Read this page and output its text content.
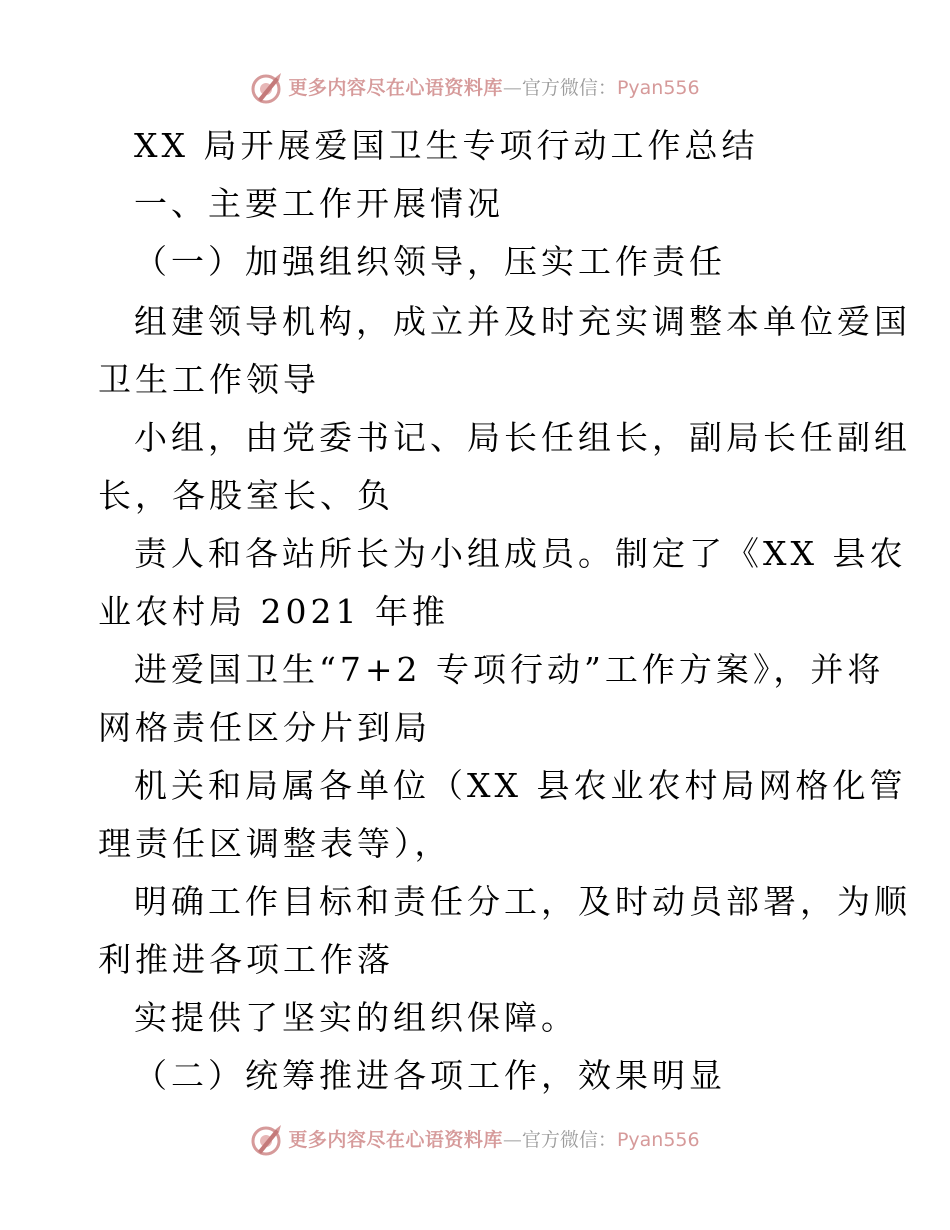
更多内容尽在心语资料库 — 官方微信： Pyan556
XX 局开展爱国卫生专项行动工作总结
一、主要工作开展情况
（一）加强组织领导，压实工作责任
组建领导机构，成立并及时充实调整本单位爱国
卫生工作领导
小组，由党委书记、局长任组长，副局长任副组
长，各股室长、负
责人和各站所长为小组成员。制定了《XX 县农
业农村局 2021 年推
进爱国卫生“7+2 专项行动”工作方案》，并将
网格责任区分片到局
机关和局属各单位（XX 县农业农村局网格化管
理责任区调整表等），
明确工作目标和责任分工，及时动员部署，为顺
利推进各项工作落
实提供了坚实的组织保障。
（二）统筹推进各项工作，效果明显
更多内容尽在心语资料库 — 官方微信： Pyan556
